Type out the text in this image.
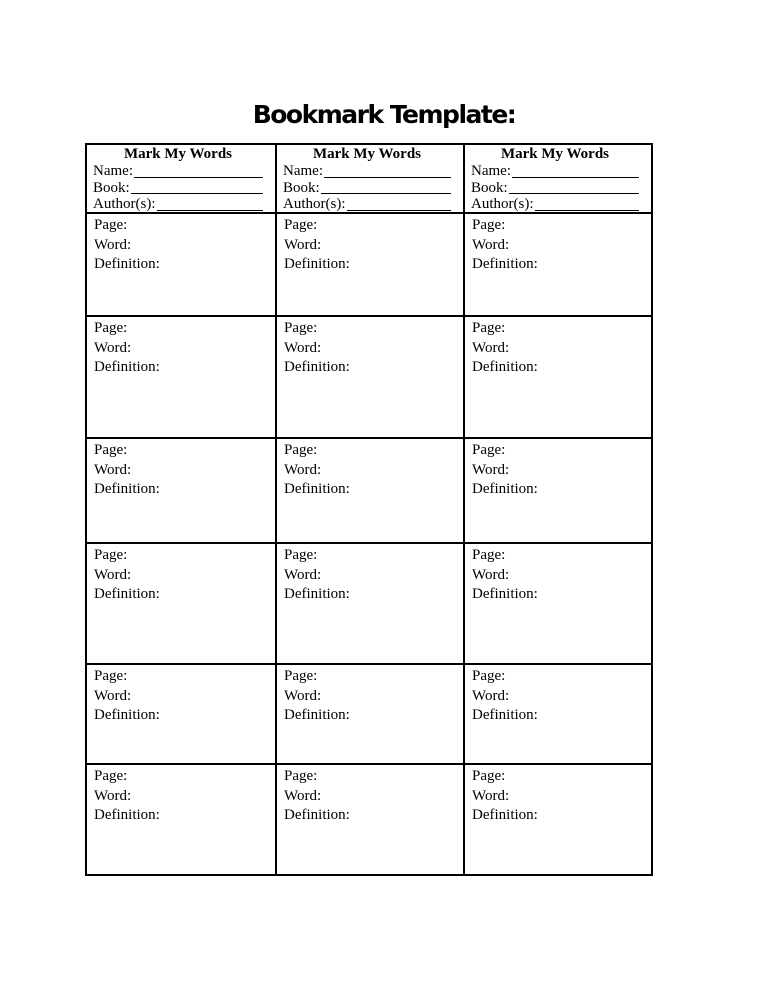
Bookmark Template:
Mark My Words
Name:
Book:
Author(s):
Page:
Word:
Definition:
Page:
Word:
Definition:
Page:
Word:
Definition:
Page:
Word:
Definition:
Page:
Word:
Definition:
Page:
Word:
Definition:
Mark My Words
Name:
Book:
Author(s):
Page:
Word:
Definition:
Page:
Word:
Definition:
Page:
Word:
Definition:
Page:
Word:
Definition:
Page:
Word:
Definition:
Page:
Word:
Definition:
Mark My Words
Name:
Book:
Author(s):
Page:
Word:
Definition:
Page:
Word:
Definition:
Page:
Word:
Definition:
Page:
Word:
Definition:
Page:
Word:
Definition:
Page:
Word:
Definition:
